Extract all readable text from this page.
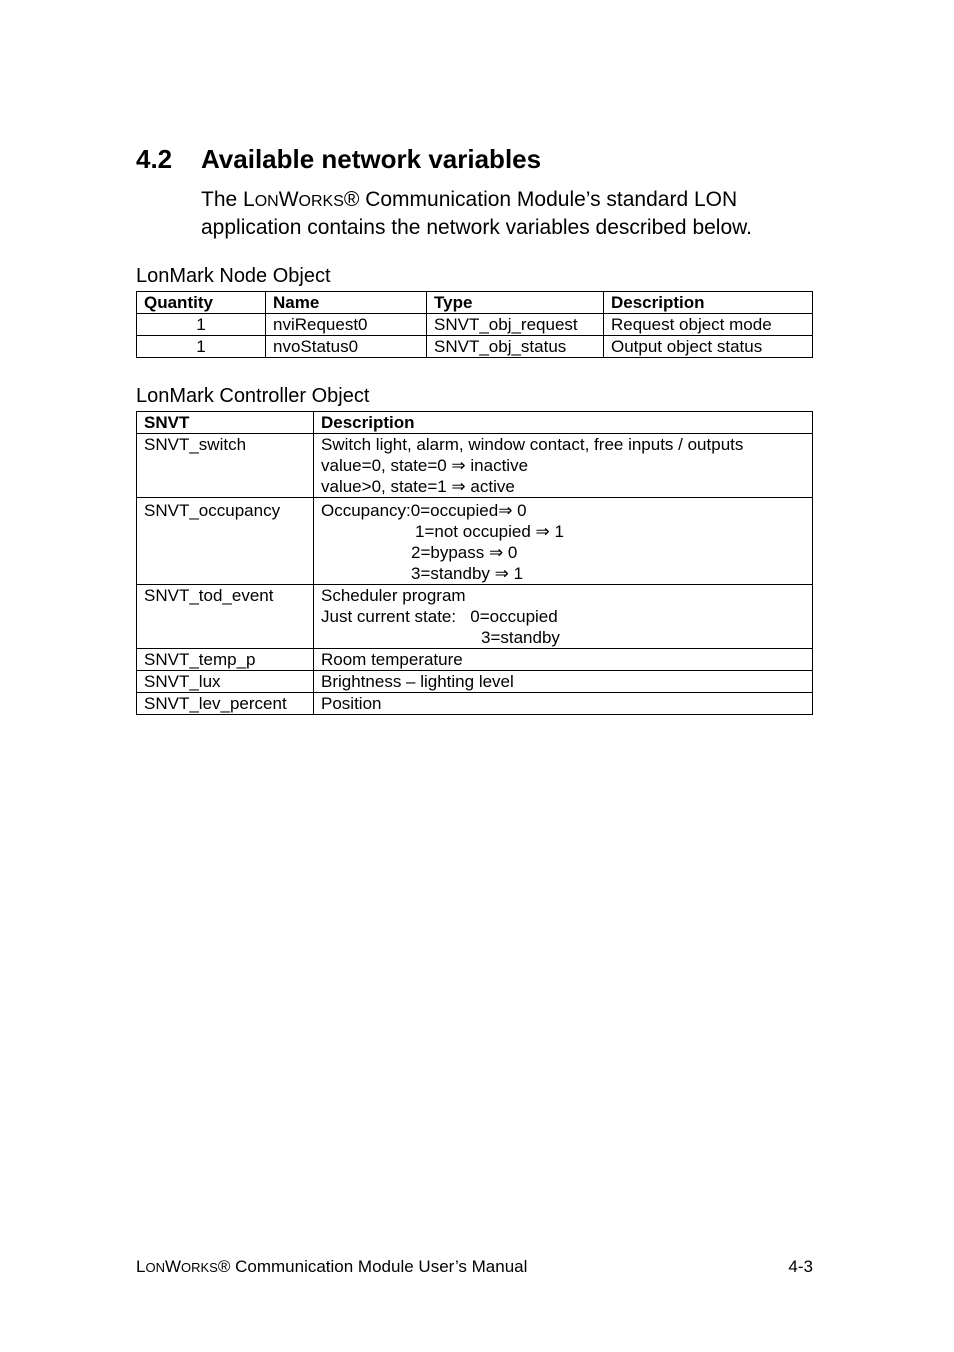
4.2 Available network variables

The LONWORKS® Communication Module’s standard LON
application contains the network variables described below.

LonMark Node Object

Quantity	Name	Type	Description
1	nviRequest0	SNVT_obj_request	Request object mode
1	nvoStatus0	SNVT_obj_status	Output object status

LonMark Controller Object

SNVT	Description
SNVT_switch	Switch light, alarm, window contact, free inputs / outputs
value=0, state=0 ⇒ inactive
value>0, state=1 ⇒ active

SNVT_occupancy	Occupancy:0=occupied⇒ 0
1=not occupied ⇒ 1
2=bypass ⇒ 0
3=standby ⇒ 1

SNVT_tod_event	Scheduler program
Just current state:   0=occupied
3=standby

SNVT_temp_p	Room temperature
SNVT_lux	Brightness – lighting level
SNVT_lev_percent	Position
LONWORKS® Communication Module User’s Manual	4-3
